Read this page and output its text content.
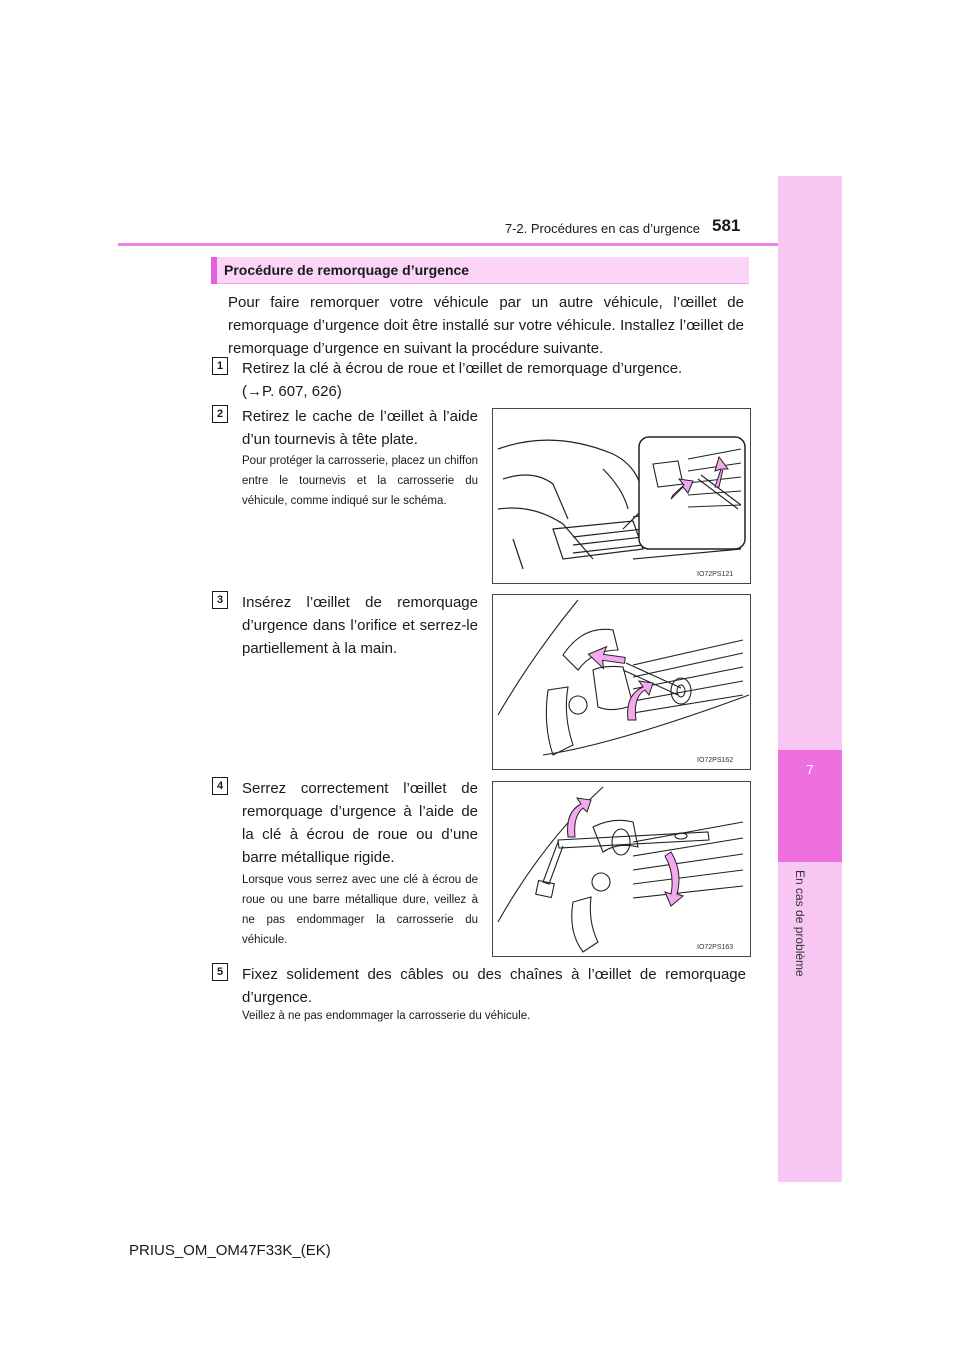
7
En cas de problème
7-2. Procédures en cas d’urgence 581
Procédure de remorquage d’urgence
Pour faire remorquer votre véhicule par un autre véhicule, l’œillet de remorquage d’urgence doit être installé sur votre véhicule. Installez l’œillet de remorquage d’urgence en suivant la procédure suivante.
1	Retirez la clé à écrou de roue et l’œillet de remorquage d’urgence.
(→P. 607, 626)
2	Retirez le cache de l’œillet à l’aide d’un tournevis à tête plate.
Pour protéger la carrosserie, placez un chiffon entre le tournevis et la carrosserie du véhicule, comme indiqué sur le schéma.
IO72PS121
3	Insérez l’œillet de remorquage d’urgence dans l’orifice et serrez-le partiellement à la main.
IO72PS162
4	Serrez correctement l’œillet de remorquage d’urgence à l’aide de la clé à écrou de roue ou d’une barre métallique rigide.
Lorsque vous serrez avec une clé à écrou de roue ou une barre métallique dure, veillez à ne pas endommager la carrosserie du véhicule.
IO72PS163
5	Fixez solidement des câbles ou des chaînes à l’œillet de remorquage d’urgence.
Veillez à ne pas endommager la carrosserie du véhicule.
PRIUS_OM_OM47F33K_(EK)
